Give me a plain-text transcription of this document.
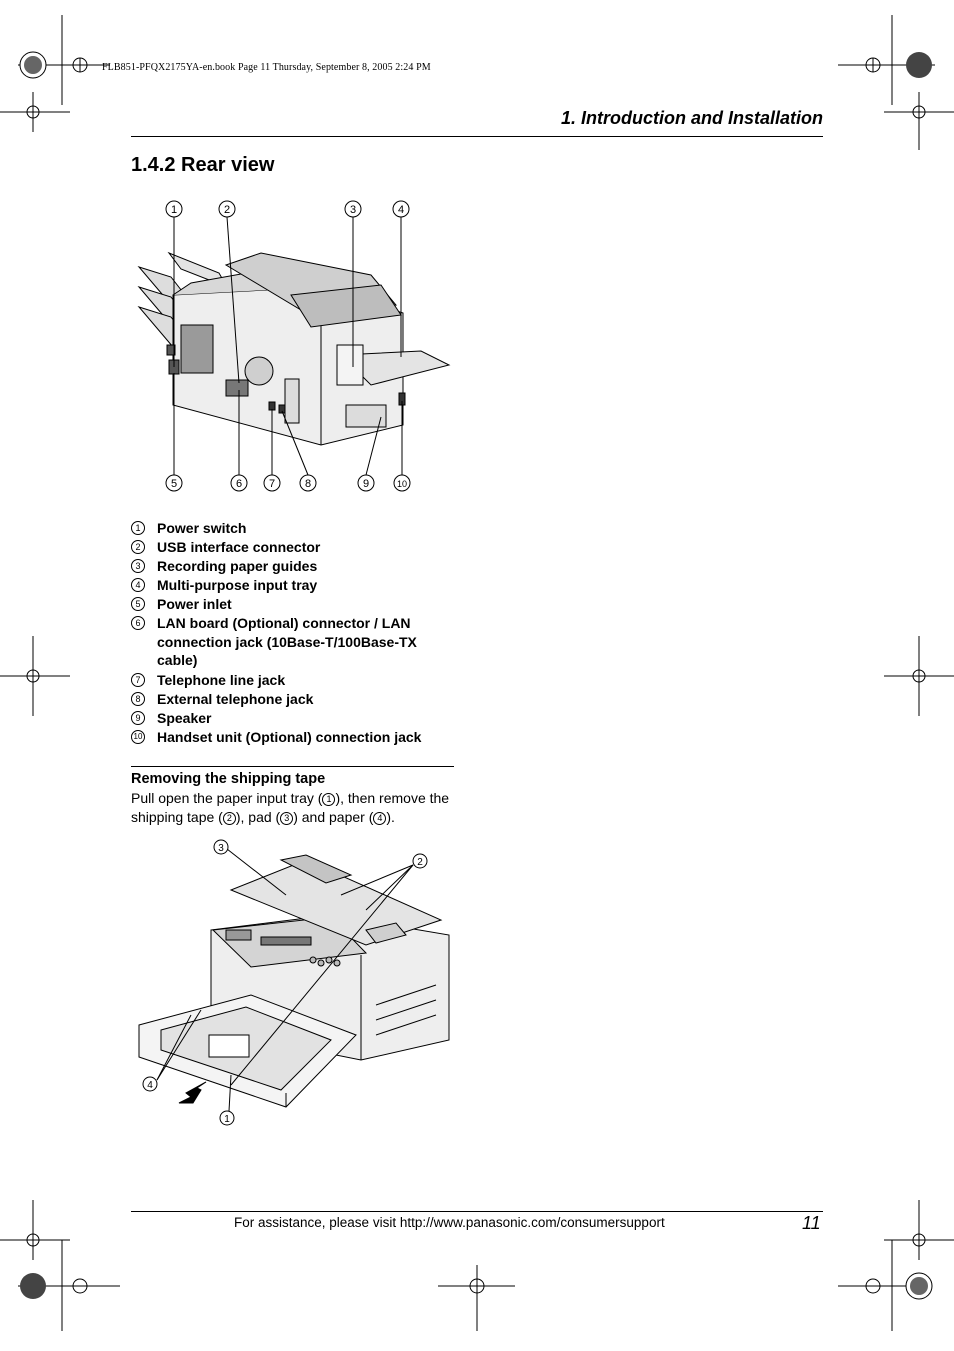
FLB851-PFQX2175YA-en.book Page 11 Thursday, September 8, 2005 2:24 PM
1. Introduction and Installation
1.4.2 Rear view
1	2	3	4
5	6 7	8	9	10
1	Power switch
2	USB interface connector
3	Recording paper guides
4	Multi-purpose input tray
5	Power inlet
6	LAN board (Optional) connector / LAN connection jack (10Base-T/100Base-TX cable)
7	Telephone line jack
8	External telephone jack
9	Speaker
10 Handset unit (Optional) connection jack
Removing the shipping tape
Pull open the paper input tray ( 1 ), then remove the shipping tape ( 2 ), pad ( 3 ) and paper ( 4 ).
3
2
4
1
For assistance, please visit http://www.panasonic.com/consumersupport	11
